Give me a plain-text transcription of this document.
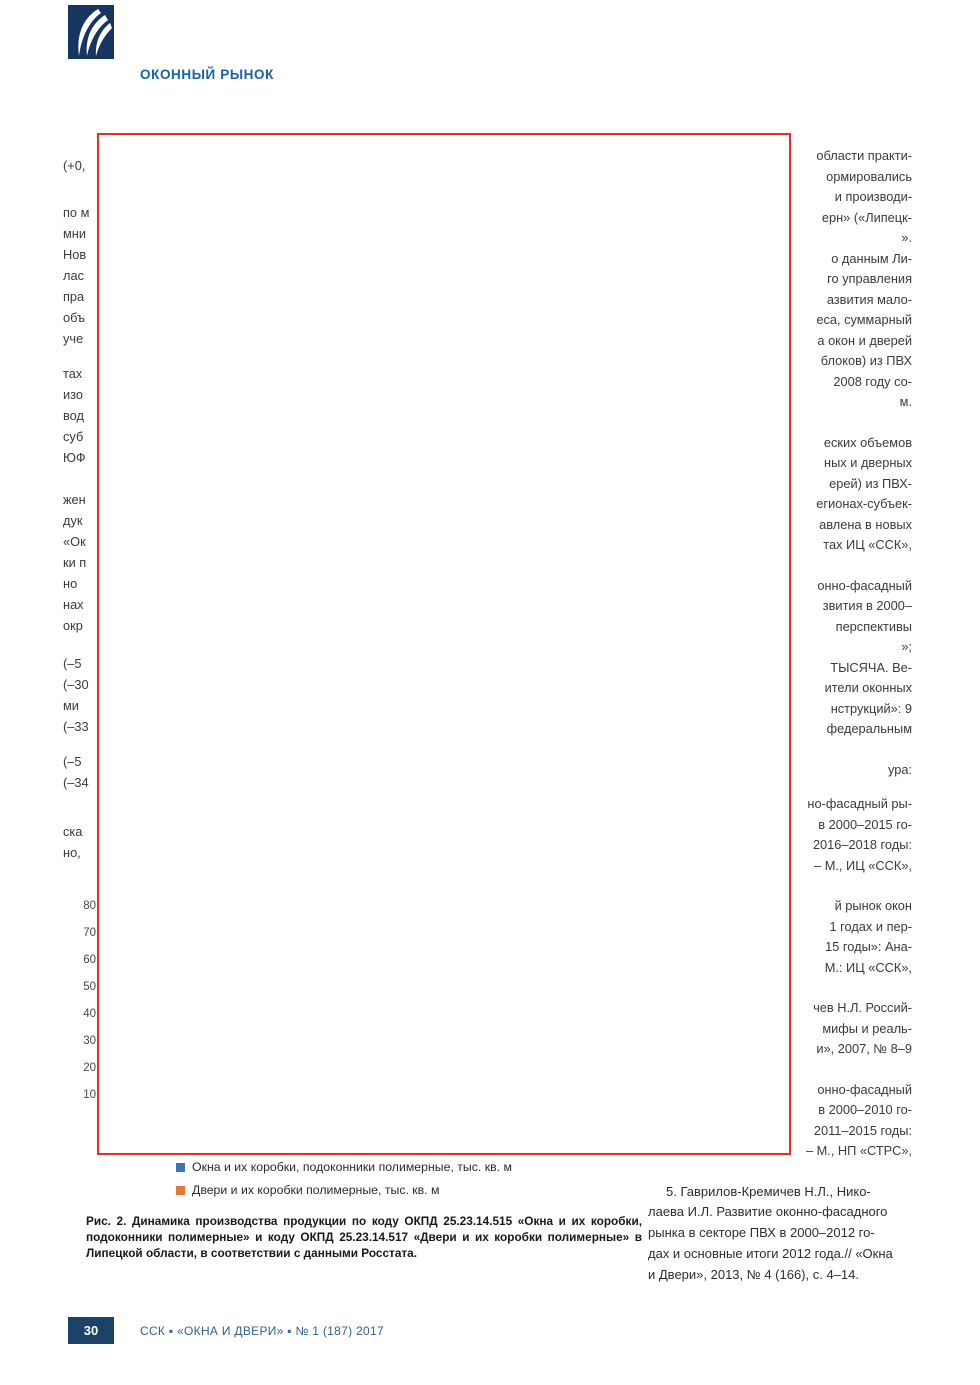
ОКОННЫЙ РЫНОК
(+0,
по м
мни
Нов
лас
пра
объ
уче
тах
изо
вод
суб
ЮФ
жен
дук
«Ок
ки п
но
нах
окр
(–5
(–30
ми
(–33
(–5
(–34
ска
но,
80
70
60
50
40
30
20
10
области практи-
ормировались
и производи-
ерн» («Липецк-
».
о данным Ли-
го управления
азвития мало-
еса, суммарный
а окон и дверей
блоков) из ПВХ
2008 году со-
м.
еских объемов
ных и дверных
ерей) из ПВХ-
егионах-субъек-
авлена в новых
тах ИЦ «ССК»,
онно-фасадный
звития в 2000–
перспективы
»;
ТЫСЯЧА. Ве-
ители оконных
нструкций»: 9
федеральным
ура:
но-фасадный ры-
в 2000–2015 го-
2016–2018 годы:
– М., ИЦ «ССК»,
й рынок окон
1 годах и пер-
15 годы»: Ана-
М.: ИЦ «ССК»,
чев Н.Л. Россий-
мифы и реаль-
и», 2007, № 8–9
онно-фасадный
в 2000–2010 го-
2011–2015 годы:
– М., НП «СТРС»,
5. Гаврилов-Кремичев Н.Л., Нико-
лаева И.Л. Развитие оконно-фасадного
рынка в секторе ПВХ в 2000–2012 го-
дах и основные итоги 2012 года.// «Окна
и Двери», 2013, № 4 (166), с. 4–14.
Окна и их коробки, подоконники полимерные, тыс. кв. м
Двери и их коробки полимерные, тыс. кв. м
Рис. 2. Динамика производства продукции по коду ОКПД 25.23.14.515 «Окна и их коробки, подоконники полимерные» и коду ОКПД 25.23.14.517 «Двери и их коробки полимерные» в Липецкой области, в соответствии с данными Росстата.
30	ССК ▪ «ОКНА И ДВЕРИ» ▪ № 1 (187) 2017
